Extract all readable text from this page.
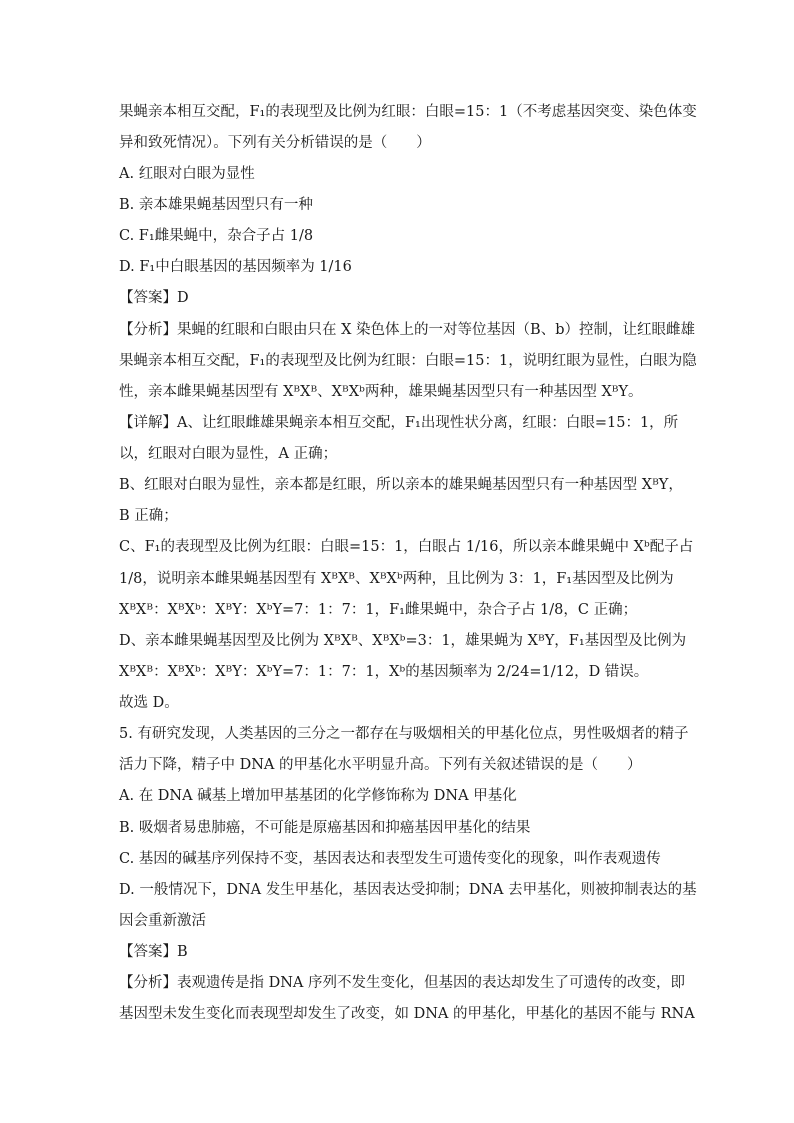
果蝇亲本相互交配，F₁的表现型及比例为红眼：白眼=15：1（不考虑基因突变、染色体变
异和致死情况）。下列有关分析错误的是（　　）
A. 红眼对白眼为显性
B. 亲本雄果蝇基因型只有一种
C. F₁雌果蝇中，杂合子占 1/8
D. F₁中白眼基因的基因频率为 1/16
【答案】D
【分析】果蝇的红眼和白眼由只在 X 染色体上的一对等位基因（B、b）控制，让红眼雌雄
果蝇亲本相互交配，F₁的表现型及比例为红眼：白眼=15：1，说明红眼为显性，白眼为隐
性，亲本雌果蝇基因型有 XᴮXᴮ、XᴮXᵇ两种，雄果蝇基因型只有一种基因型 XᴮY。
【详解】A、让红眼雌雄果蝇亲本相互交配，F₁出现性状分离，红眼：白眼=15：1，所
以，红眼对白眼为显性，A 正确；
B、红眼对白眼为显性，亲本都是红眼，所以亲本的雄果蝇基因型只有一种基因型 XᴮY，
B 正确；
C、F₁的表现型及比例为红眼：白眼=15：1，白眼占 1/16，所以亲本雌果蝇中 Xᵇ配子占
1/8，说明亲本雌果蝇基因型有 XᴮXᴮ、XᴮXᵇ两种，且比例为 3：1，F₁基因型及比例为
XᴮXᴮ：XᴮXᵇ：XᴮY：XᵇY=7：1：7：1，F₁雌果蝇中，杂合子占 1/8，C 正确；
D、亲本雌果蝇基因型及比例为 XᴮXᴮ、XᴮXᵇ=3：1，雄果蝇为 XᴮY，F₁基因型及比例为
XᴮXᴮ：XᴮXᵇ：XᴮY：XᵇY=7：1：7：1，Xᵇ的基因频率为 2/24=1/12，D 错误。
故选 D。
5. 有研究发现，人类基因的三分之一都存在与吸烟相关的甲基化位点，男性吸烟者的精子
活力下降，精子中 DNA 的甲基化水平明显升高。下列有关叙述错误的是（　　）
A. 在 DNA 碱基上增加甲基基团的化学修饰称为 DNA 甲基化
B. 吸烟者易患肺癌，不可能是原癌基因和抑癌基因甲基化的结果
C. 基因的碱基序列保持不变，基因表达和表型发生可遗传变化的现象，叫作表观遗传
D. 一般情况下，DNA 发生甲基化，基因表达受抑制；DNA 去甲基化，则被抑制表达的基
因会重新激活
【答案】B
【分析】表观遗传是指 DNA 序列不发生变化，但基因的表达却发生了可遗传的改变，即
基因型未发生变化而表现型却发生了改变，如 DNA 的甲基化，甲基化的基因不能与 RNA
